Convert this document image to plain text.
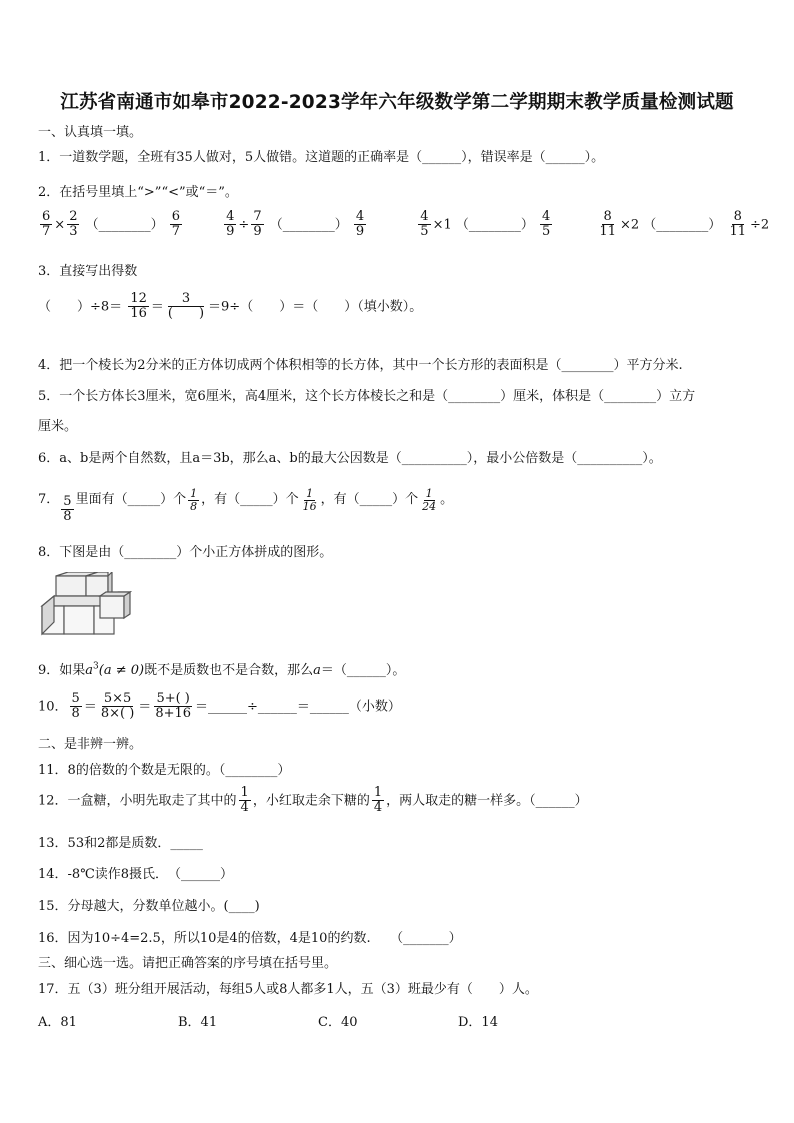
江苏省南通市如皋市2022-2023学年六年级数学第二学期期末教学质量检测试题
一、认真填一填。
1．一道数学题，全班有35人做对，5人做错。这道题的正确率是（______），错误率是（______）。
2．在括号里填上“>”“<”或“＝”。
$\frac{6}{7} \times \frac{2}{3}$ （________） $\frac{6}{7}$
	$\frac{4}{9} \div \frac{7}{9}$ （________） $\frac{4}{9}$
	$\frac{4}{5} \times 1$ （________） $\frac{4}{5}$
	$\frac{8}{11} \times 2$ （________） $\frac{8}{11} \div 2$
3．直接写出得数
（　　）$\div 8= \frac{12}{16} = \frac{3}{( )} =9\div$（　　）＝（　　）（填小数）。
4．把一个棱长为2分米的正方体切成两个体积相等的长方体，其中一个长方形的表面积是（________）平方分米.
5．一个长方体长3厘米，宽6厘米，高4厘米，这个长方体棱长之和是（________）厘米，体积是（________）立方
厘米。
6．a、b是两个自然数，且a＝3b，那么a、b的最大公因数是（__________），最小公倍数是（__________）。
7． $\frac{5}{8}$ 里面有（_____）个 $\frac{1}{8}$ ，有（_____）个 $\frac{1}{16}$ ，有（_____）个 $\frac{1}{24}$ 。
8．下图是由（________）个小正方体拼成的图形。
9．如果$a^3(a \ne 0)$既不是质数也不是合数，那么a＝（______）。
10． $\frac{5}{8} = \frac{5\times 5}{8\times( )} = \frac{5+( )}{8+16}$ ＝______÷______＝______（小数）
二、是非辨一辨。
11．8的倍数的个数是无限的。（________）
12．一盒糖，小明先取走了其中的 $\frac{1}{4}$ ，小红取走余下糖的 $\frac{1}{4}$ ，两人取走的糖一样多。（______）
13．53和2都是质数．_____
14．-8℃读作8摄氏．　（______）
15．分母越大，分数单位越小。(____)
16．因为10÷4=2.5，所以10是4的倍数，4是10的约数.　　（_______）
三、细心选一选。请把正确答案的序号填在括号里。
17．五（3）班分组开展活动，每组5人或8人都多1人，五（3）班最少有（　　）人。
A．81	B．41	C．40	D．14
